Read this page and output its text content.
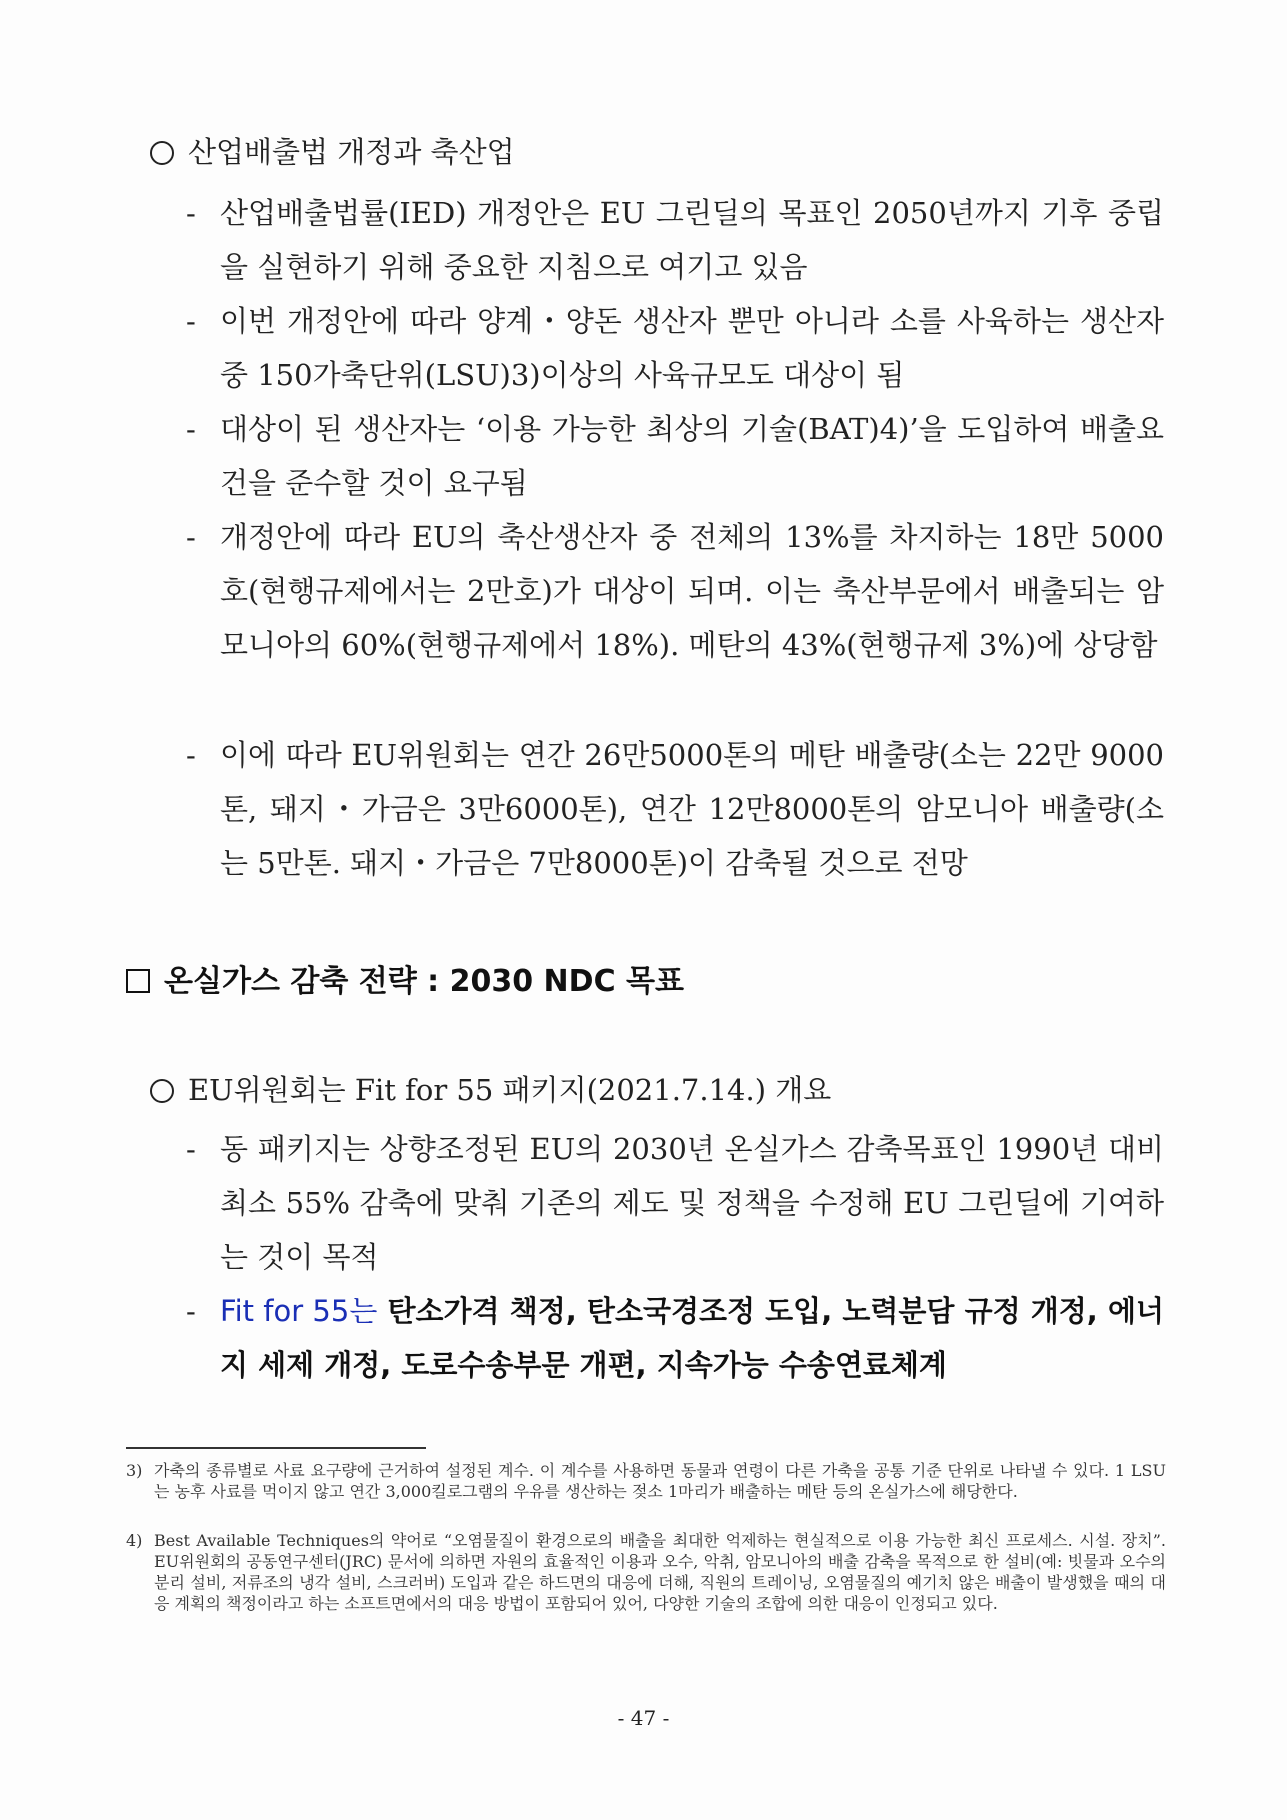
산업배출법 개정과 축산업
- 산업배출법률(IED) 개정안은 EU 그린딜의 목표인 2050년까지 기후 중립을 실현하기 위해 중요한 지침으로 여기고 있음
- 이번 개정안에 따라 양계・양돈 생산자 뿐만 아니라 소를 사육하는 생산자 중 150가축단위(LSU)3)이상의 사육규모도 대상이 됨
- 대상이 된 생산자는 ‘이용 가능한 최상의 기술(BAT)4)’을 도입하여 배출요건을 준수할 것이 요구됨
- 개정안에 따라 EU의 축산생산자 중 전체의 13%를 차지하는 18만 5000호(현행규제에서는 2만호)가 대상이 되며. 이는 축산부문에서 배출되는 암모니아의 60%(현행규제에서 18%). 메탄의 43%(현행규제 3%)에 상당함
- 이에 따라 EU위원회는 연간 26만5000톤의 메탄 배출량(소는 22만 9000톤, 돼지・가금은 3만6000톤), 연간 12만8000톤의 암모니아 배출량(소는 5만톤. 돼지・가금은 7만8000톤)이 감축될 것으로 전망
온실가스 감축 전략 : 2030 NDC 목표
EU위원회는 Fit for 55 패키지(2021.7.14.) 개요
- 동 패키지는 상향조정된 EU의 2030년 온실가스 감축목표인 1990년 대비 최소 55% 감축에 맞춰 기존의 제도 및 정책을 수정해 EU 그린딜에 기여하는 것이 목적
- Fit for 55는 탄소가격 책정, 탄소국경조정 도입, 노력분담 규정 개정, 에너지 세제 개정, 도로수송부문 개편, 지속가능 수송연료체계
3) 가축의 종류별로 사료 요구량에 근거하여 설정된 계수. 이 계수를 사용하면 동물과 연령이 다른 가축을 공통 기준 단위로 나타낼 수 있다. 1 LSU는 농후 사료를 먹이지 않고 연간 3,000킬로그램의 우유를 생산하는 젖소 1마리가 배출하는 메탄 등의 온실가스에 해당한다.
4) Best Available Techniques의 약어로 “오염물질이 환경으로의 배출을 최대한 억제하는 현실적으로 이용 가능한 최신 프로세스. 시설. 장치”. EU위원회의 공동연구센터(JRC) 문서에 의하면 자원의 효율적인 이용과 오수, 악취, 암모니아의 배출 감축을 목적으로 한 설비(예: 빗물과 오수의 분리 설비, 저류조의 냉각 설비, 스크러버) 도입과 같은 하드면의 대응에 더해, 직원의 트레이닝, 오염물질의 예기치 않은 배출이 발생했을 때의 대응 계획의 책정이라고 하는 소프트면에서의 대응 방법이 포함되어 있어, 다양한 기술의 조합에 의한 대응이 인정되고 있다.
- 47 -
